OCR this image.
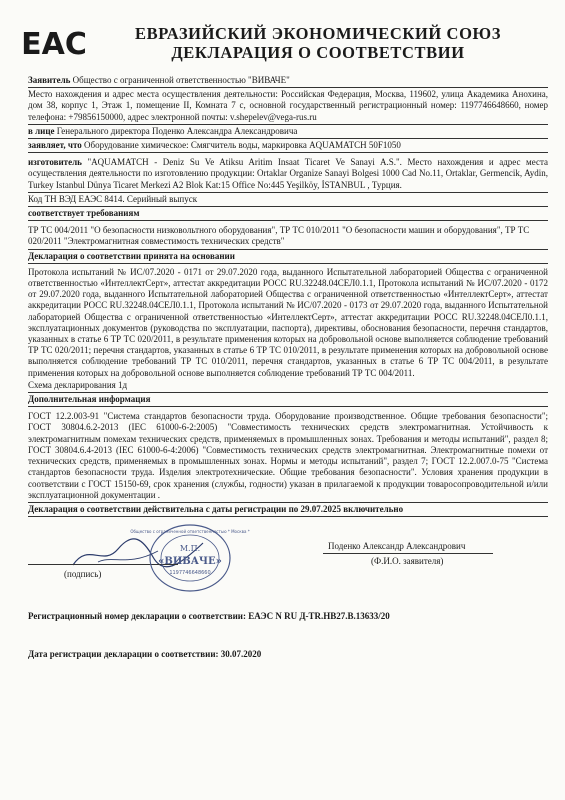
EAC	ЕВРАЗИЙСКИЙ ЭКОНОМИЧЕСКИЙ СОЮЗ
ДЕКЛАРАЦИЯ О СООТВЕТСТВИИ
Заявитель Общество с ограниченной ответственностью "ВИВАЧЕ"
Место нахождения и адрес места осуществления деятельности: Российская Федерация, Москва, 119602, улица Академика Анохина, дом 38, корпус 1, Этаж 1, помещение II, Комната 7 с, основной государственный регистрационный номер: 1197746648660, номер телефона: +79856150000, адрес электронной почты: v.shepelev@vega-rus.ru
в лице Генерального директора Поденко Александра Александровича
заявляет, что Оборудование химическое: Смягчитель воды, маркировка AQUAMATCH 50F1050
изготовитель "AQUAMATCH - Deniz Su Ve Atiksu Aritim Insaat Ticaret Ve Sanayi A.S.". Место нахождения и адрес места осуществления деятельности по изготовлению продукции: Ortaklar Organize Sanayi Bolgesi 1000 Cad No.11, Ortaklar, Germencik, Aydin, Turkey Istanbul Dünya Ticaret Merkezi A2 Blok Kat:15 Office No:445 Yeşilköy, İSTANBUL , Турция.
Код ТН ВЭД ЕАЭС 8414. Серийный выпуск
соответствует требованиям
ТР ТС 004/2011 "О безопасности низковольтного оборудования", ТР ТС 010/2011 "О безопасности машин и оборудования", ТР ТС 020/2011 "Электромагнитная совместимость технических средств"
Декларация о соответствии принята на основании
Протокола испытаний № ИС/07.2020 - 0171 от 29.07.2020 года, выданного Испытательной лабораторией Общества с ограниченной ответственностью «ИнтеллектСерт», аттестат аккредитации РОСС RU.32248.04СЕЛ0.1.1, Протокола испытаний № ИС/07.2020 - 0172 от 29.07.2020 года, выданного Испытательной лабораторией Общества с ограниченной ответственностью «ИнтеллектСерт», аттестат аккредитации РОСС RU.32248.04СЕЛ0.1.1, Протокола испытаний № ИС/07.2020 - 0173 от 29.07.2020 года, выданного Испытательной лабораторией Общества с ограниченной ответственностью «ИнтеллектСерт», аттестат аккредитации РОСС RU.32248.04СЕЛ0.1.1, эксплуатационных документов (руководства по эксплуатации, паспорта), директивы, обоснования безопасности, перечня стандартов, указанных в статье 6 ТР ТС 020/2011, в результате применения которых на добровольной основе выполняется соблюдение требований ТР ТС 020/2011; перечня стандартов, указанных в статье 6 ТР ТС 010/2011, в результате применения которых на добровольной основе выполняется соблюдение требований ТР ТС 010/2011, перечня стандартов, указанных в статье 6 ТР ТС 004/2011, в результате применения которых на добровольной основе выполняется соблюдение требований ТР ТС 004/2011.
Схема декларирования 1д
Дополнительная информация
ГОСТ 12.2.003-91 "Система стандартов безопасности труда. Оборудование производственное. Общие требования безопасности"; ГОСТ 30804.6.2-2013 (IEC 61000-6-2:2005) "Совместимость технических средств электромагнитная. Устойчивость к электромагнитным помехам технических средств, применяемых в промышленных зонах. Требования и методы испытаний", раздел 8; ГОСТ 30804.6.4-2013 (IEC 61000-6-4:2006) "Совместимость технических средств электромагнитная. Электромагнитные помехи от технических средств, применяемых в промышленных зонах. Нормы и методы испытаний", раздел 7; ГОСТ 12.2.007.0-75 "Система стандартов безопасности труда. Изделия электротехнические. Общие требования безопасности". Условия хранения продукции в соответствии с ГОСТ 15150-69, срок хранения (службы, годности) указан в прилагаемой к продукции товаросопроводительной и/или эксплуатационной документации .
Декларация о соответствии действительна с даты регистрации по 29.07.2025 включительно
(подпись)
М.П.
«ВИВАЧЕ»
1197746648660
Общество с ограниченной ответственностью * Москва *
Поденко Александр Александрович
(Ф.И.О. заявителя)
Регистрационный номер декларации о соответствии: ЕАЭС N RU Д-TR.HB27.B.13633/20
Дата регистрации декларации о соответствии: 30.07.2020
